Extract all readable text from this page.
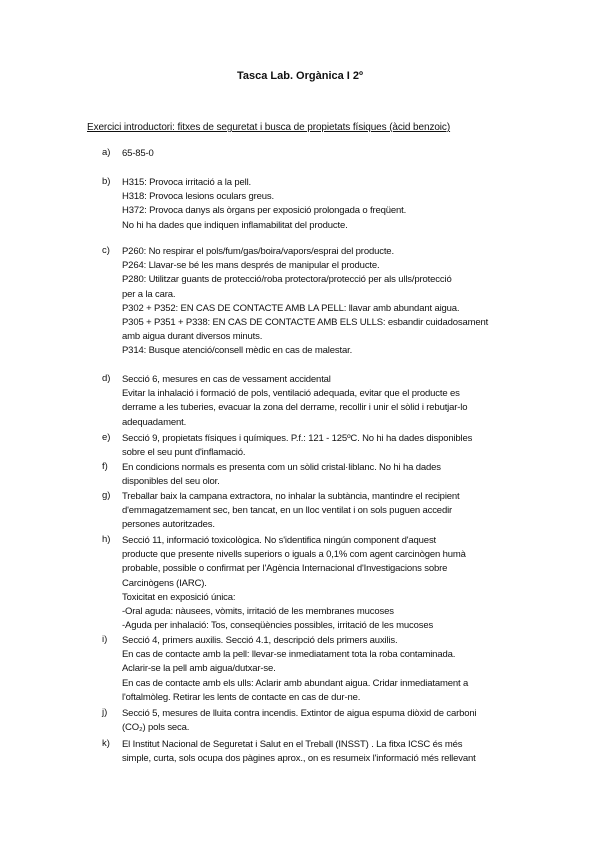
Tasca Lab. Orgànica I 2º
Exercici introductori: fitxes de seguretat i busca de propietats físiques (àcid benzoic)
a) 65-85-0
b) H315: Provoca irritació a la pell.
H318: Provoca lesions oculars greus.
H372: Provoca danys als òrgans per exposició prolongada o freqüent.
No hi ha dades que indiquen inflamabilitat del producte.
c) P260: No respirar el pols/fum/gas/boira/vapors/esprai del producte.
P264: Llavar-se bé les mans després de manipular el producte.
P280: Utilitzar guants de protecció/roba protectora/protecció per als ulls/protecció
per a la cara.
P302 + P352: EN CAS DE CONTACTE AMB LA PELL: llavar amb abundant aigua.
P305 + P351 + P338: EN CAS DE CONTACTE AMB ELS ULLS: esbandir cuidadosament
amb aigua durant diversos minuts.
P314: Busque atenció/consell mèdic en cas de malestar.
d) Secció 6, mesures en cas de vessament accidental
Evitar la inhalació i formació de pols, ventilació adequada, evitar que el producte es
derrame a les tuberies, evacuar la zona del derrame, recollir i unir el sòlid i rebutjar-lo
adequadament.
e) Secció 9, propietats físiques i químiques. P.f.: 121 - 125ºC. No hi ha dades disponibles
sobre el seu punt d'inflamació.
f) En condicions normals es presenta com un sòlid cristal·liblanc. No hi ha dades
disponibles del seu olor.
g) Treballar baix la campana extractora, no inhalar la subtància, mantindre el recipient
d'emmagatzemament sec, ben tancat, en un lloc ventilat i on sols puguen accedir
persones autoritzades.
h) Secció 11, informació toxicològica. No s'identifica ningún component d'aquest
producte que presente nivells superiors o iguals a 0,1% com agent carcinògen humà
probable, possible o confirmat per l'Agència Internacional d'Investigacions sobre
Carcinògens (IARC).
Toxicitat en exposició única:
-Oral aguda: nàusees, vòmits, irritació de les membranes mucoses
-Aguda per inhalació: Tos, conseqüències possibles, irritació de les mucoses
i) Secció 4, primers auxilis. Secció 4.1, descripció dels primers auxilis.
En cas de contacte amb la pell: llevar-se inmediatament tota la roba contaminada.
Aclarir-se la pell amb aigua/dutxar-se.
En cas de contacte amb els ulls: Aclarir amb abundant aigua. Cridar inmediatament a
l'oftalmòleg. Retirar les lents de contacte en cas de dur-ne.
j) Secció 5, mesures de lluita contra incendis. Extintor de aigua espuma diòxid de carboni
(CO₂) pols seca.
k) El Institut Nacional de Seguretat i Salut en el Treball (INSST) . La fitxa ICSC és més
simple, curta, sols ocupa dos pàgines aprox., on es resumeix l'informació més rellevant
